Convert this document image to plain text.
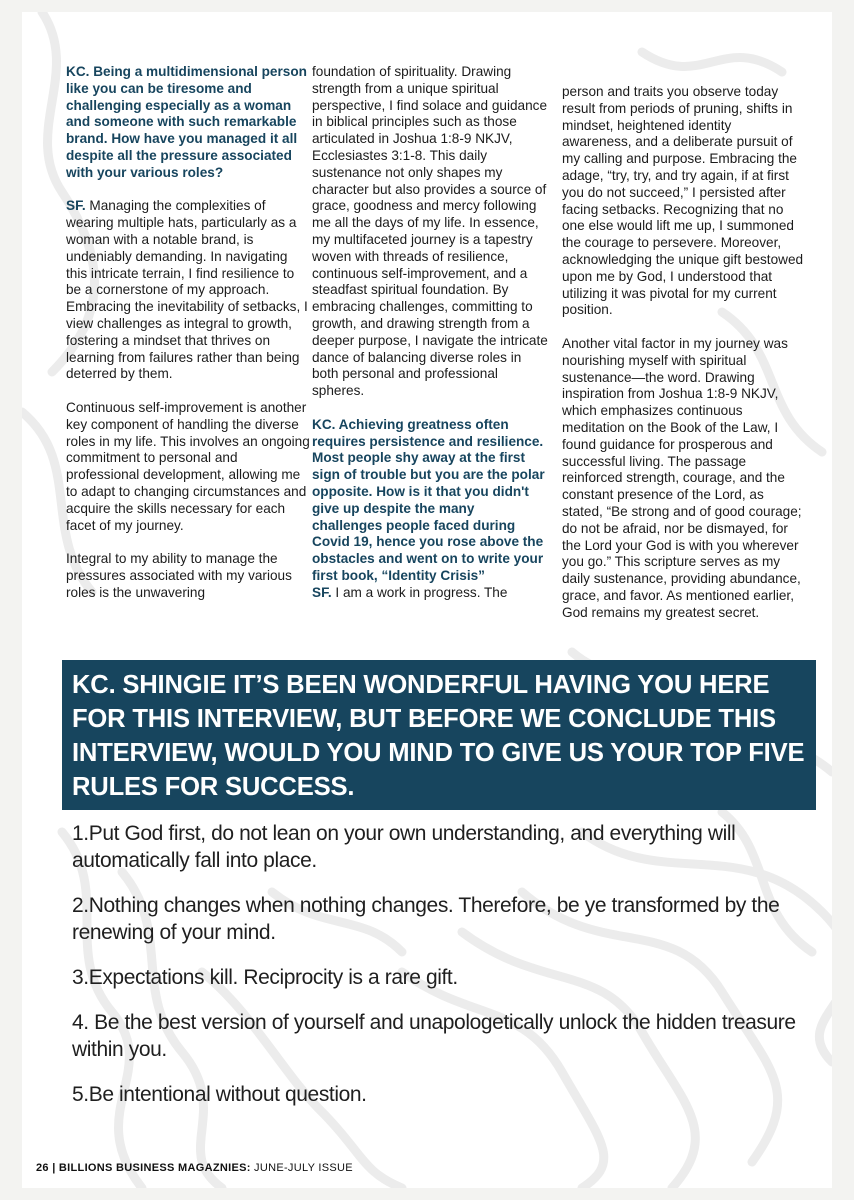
KC. Being a multidimensional person like you can be tiresome and challenging especially as a woman and someone with such remarkable brand. How have you managed it all despite all the pressure associated with your various roles?

SF. Managing the complexities of wearing multiple hats, particularly as a woman with a notable brand, is undeniably demanding. In navigating this intricate terrain, I find resilience to be a cornerstone of my approach. Embracing the inevitability of setbacks, I view challenges as integral to growth, fostering a mindset that thrives on learning from failures rather than being deterred by them.

Continuous self-improvement is another key component of handling the diverse roles in my life. This involves an ongoing commitment to personal and professional development, allowing me to adapt to changing circumstances and acquire the skills necessary for each facet of my journey.

Integral to my ability to manage the pressures associated with my various roles is the unwavering

foundation of spirituality. Drawing strength from a unique spiritual perspective, I find solace and guidance in biblical principles such as those articulated in Joshua 1:8-9 NKJV, Ecclesiastes 3:1-8. This daily sustenance not only shapes my character but also provides a source of grace, goodness and mercy following me all the days of my life. In essence, my multifaceted journey is a tapestry woven with threads of resilience, continuous self-improvement, and a steadfast spiritual foundation. By embracing challenges, committing to growth, and drawing strength from a deeper purpose, I navigate the intricate dance of balancing diverse roles in both personal and professional spheres.

KC. Achieving greatness often requires persistence and resilience. Most people shy away at the first sign of trouble but you are the polar opposite. How is it that you didn't give up despite the many challenges people faced during Covid 19, hence you rose above the obstacles and went on to write your first book, “Identity Crisis”
SF. I am a work in progress. The

person and traits you observe today result from periods of pruning, shifts in mindset, heightened identity awareness, and a deliberate pursuit of my calling and purpose. Embracing the adage, “try, try, and try again, if at first you do not succeed,” I persisted after facing setbacks. Recognizing that no one else would lift me up, I summoned the courage to persevere. Moreover, acknowledging the unique gift bestowed upon me by God, I understood that utilizing it was pivotal for my current position.

Another vital factor in my journey was nourishing myself with spiritual sustenance—the word. Drawing inspiration from Joshua 1:8-9 NKJV, which emphasizes continuous meditation on the Book of the Law, I found guidance for prosperous and successful living. The passage reinforced strength, courage, and the constant presence of the Lord, as stated, “Be strong and of good courage; do not be afraid, nor be dismayed, for the Lord your God is with you wherever you go.” This scripture serves as my daily sustenance, providing abundance, grace, and favor. As mentioned earlier, God remains my greatest secret.

KC. SHINGIE IT’S BEEN WONDERFUL HAVING YOU HERE FOR THIS INTERVIEW, BUT BEFORE WE CONCLUDE THIS INTERVIEW, WOULD YOU MIND TO GIVE US YOUR TOP FIVE RULES FOR SUCCESS.

1.Put God first, do not lean on your own understanding, and everything will automatically fall into place.

2.Nothing changes when nothing changes. Therefore, be ye transformed by the renewing of your mind.

3.Expectations kill. Reciprocity is a rare gift.

4. Be the best version of yourself and unapologetically unlock the hidden treasure within you.

5.Be intentional without question.

26 | BILLIONS BUSINESS MAGAZNIES: JUNE-JULY ISSUE
